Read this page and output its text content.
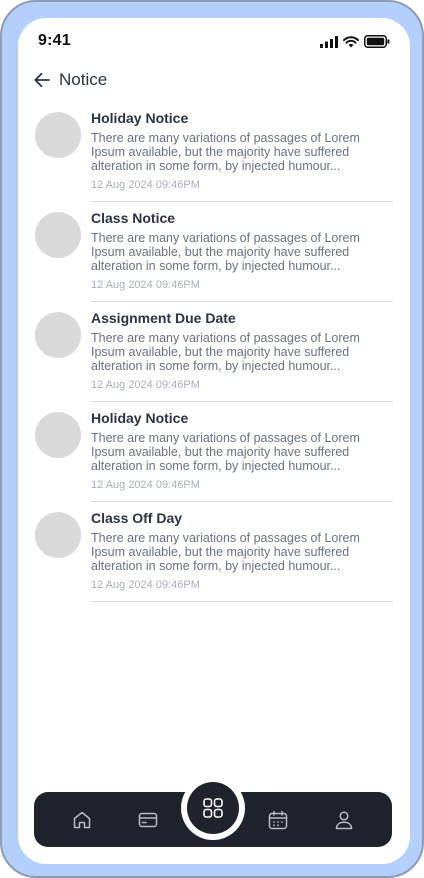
9:41
Notice
Holiday Notice
There are many variations of passages of Lorem Ipsum available, but the majority have suffered alteration in some form, by injected humour...
12 Aug 2024 09:46PM
Class Notice
There are many variations of passages of Lorem Ipsum available, but the majority have suffered alteration in some form, by injected humour...
12 Aug 2024 09:46PM
Assignment Due Date
There are many variations of passages of Lorem Ipsum available, but the majority have suffered alteration in some form, by injected humour...
12 Aug 2024 09:46PM
Holiday Notice
There are many variations of passages of Lorem Ipsum available, but the majority have suffered alteration in some form, by injected humour...
12 Aug 2024 09:46PM
Class Off Day
There are many variations of passages of Lorem Ipsum available, but the majority have suffered alteration in some form, by injected humour...
12 Aug 2024 09:46PM
